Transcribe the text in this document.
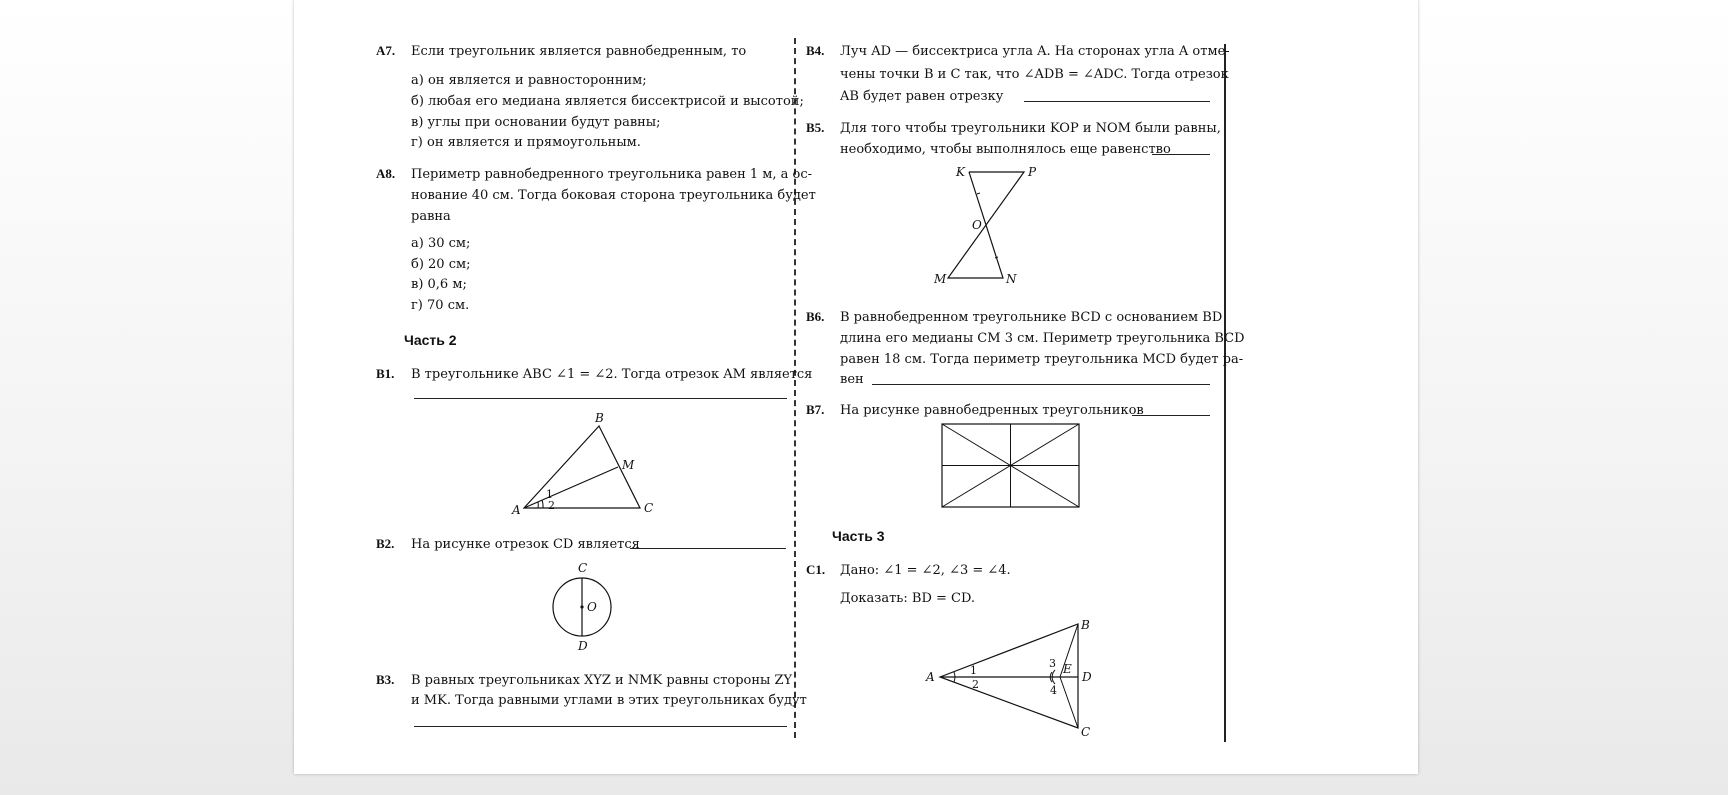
A7. Если треугольник является равнобедренным, то
а) он является и равносторонним;
б) любая его медиана является биссектрисой и высотой;
в) углы при основании будут равны;
г) он является и прямоугольным.
A8. Периметр равнобедренного треугольника равен 1 м, а ос-
нование 40 см. Тогда боковая сторона треугольника будет
равна
а) 30 см;
б) 20 см;
в) 0,6 м;
г) 70 см.
Часть 2
B1. В треугольнике ABC ∠1 = ∠2. Тогда отрезок AM является
A
B
C
M
1
2
B2. На рисунке отрезок CD является
C
D
O
B3. В равных треугольниках XYZ и NMK равны стороны ZY
и MK. Тогда равными углами в этих треугольниках будут
B4. Луч AD — биссектриса угла A. На сторонах угла A отме-
чены точки B и C так, что ∠ADB = ∠ADC. Тогда отрезок
AB будет равен отрезку
B5. Для того чтобы треугольники KOP и NOM были равны,
необходимо, чтобы выполнялось еще равенство
K	P
O
M	N
B6. В равнобедренном треугольнике BCD с основанием BD
длина его медианы CM 3 см. Периметр треугольника BCD
равен 18 см. Тогда периметр треугольника MCD будет ра-
вен
B7. На рисунке равнобедренных треугольников
Часть 3
C1. Дано: ∠1 = ∠2, ∠3 = ∠4.
Доказать: BD = CD.
A
B
C
D
E
1
2
3
4
